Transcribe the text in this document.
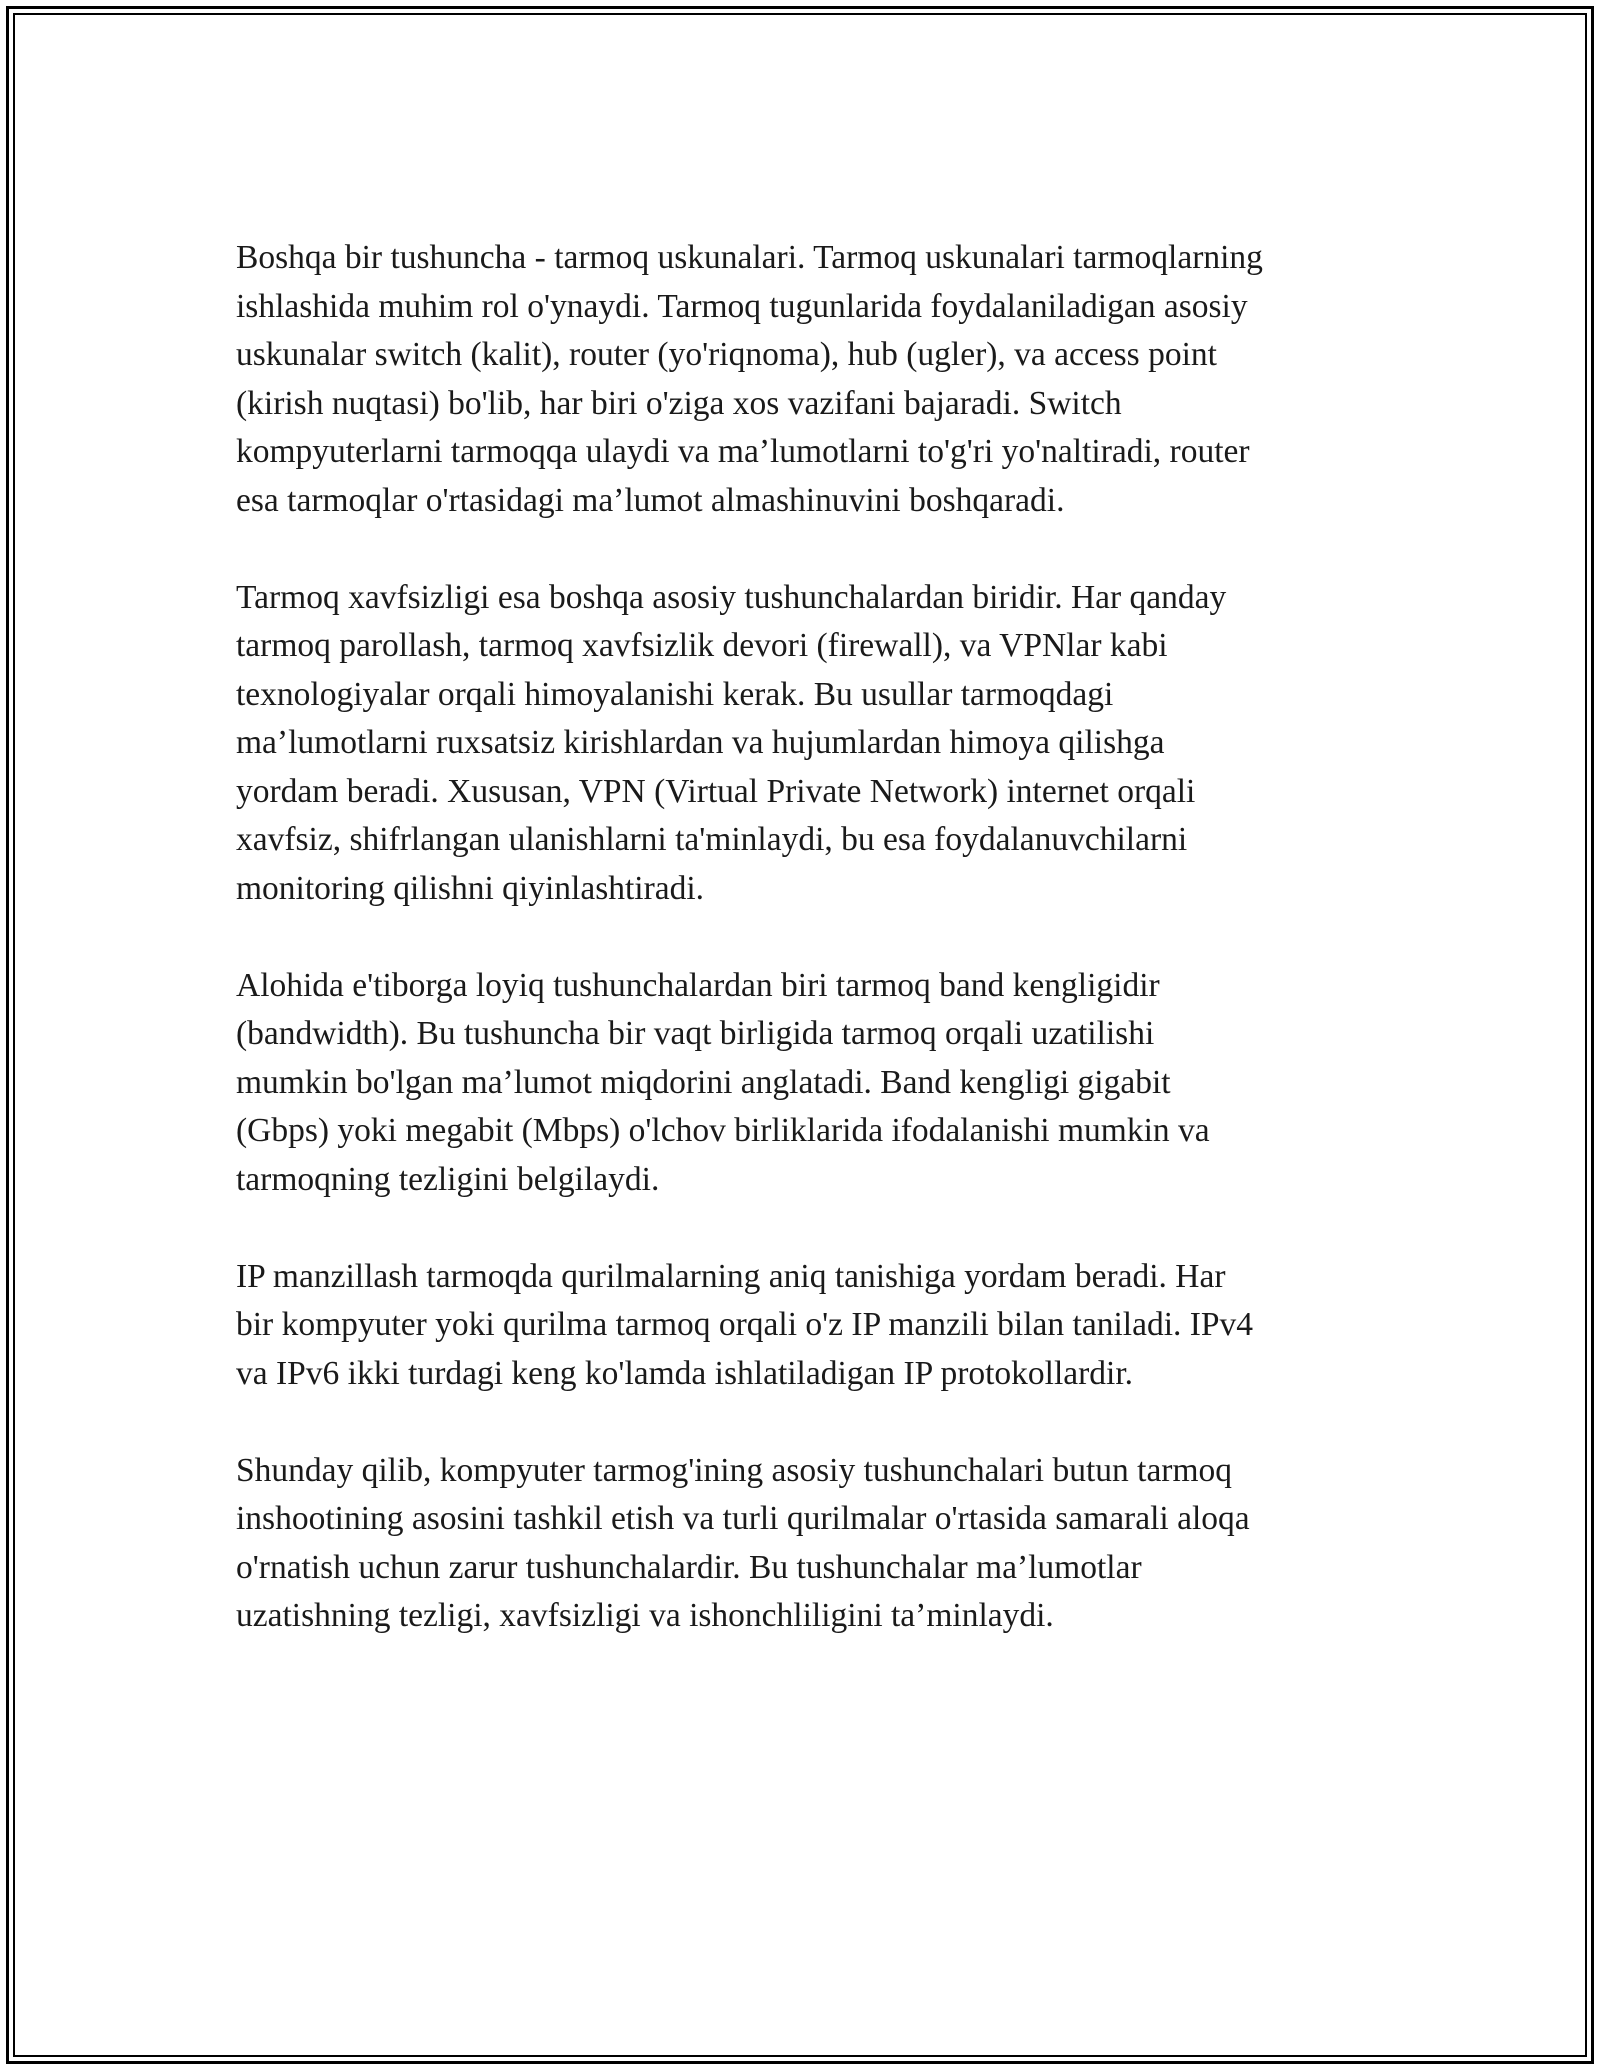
Boshqa bir tushuncha - tarmoq uskunalari. Tarmoq uskunalari tarmoqlarning
ishlashida muhim rol o'ynaydi. Tarmoq tugunlarida foydalaniladigan asosiy
uskunalar switch (kalit), router (yo'riqnoma), hub (ugler), va access point
(kirish nuqtasi) bo'lib, har biri o'ziga xos vazifani bajaradi. Switch
kompyuterlarni tarmoqqa ulaydi va ma’lumotlarni to'g'ri yo'naltiradi, router
esa tarmoqlar o'rtasidagi ma’lumot almashinuvini boshqaradi.
Tarmoq xavfsizligi esa boshqa asosiy tushunchalardan biridir. Har qanday
tarmoq parollash, tarmoq xavfsizlik devori (firewall), va VPNlar kabi
texnologiyalar orqali himoyalanishi kerak. Bu usullar tarmoqdagi
ma’lumotlarni ruxsatsiz kirishlardan va hujumlardan himoya qilishga
yordam beradi. Xususan, VPN (Virtual Private Network) internet orqali
xavfsiz, shifrlangan ulanishlarni ta'minlaydi, bu esa foydalanuvchilarni
monitoring qilishni qiyinlashtiradi.
Alohida e'tiborga loyiq tushunchalardan biri tarmoq band kengligidir
(bandwidth). Bu tushuncha bir vaqt birligida tarmoq orqali uzatilishi
mumkin bo'lgan ma’lumot miqdorini anglatadi. Band kengligi gigabit
(Gbps) yoki megabit (Mbps) o'lchov birliklarida ifodalanishi mumkin va
tarmoqning tezligini belgilaydi.
IP manzillash tarmoqda qurilmalarning aniq tanishiga yordam beradi. Har
bir kompyuter yoki qurilma tarmoq orqali o'z IP manzili bilan taniladi. IPv4
va IPv6 ikki turdagi keng ko'lamda ishlatiladigan IP protokollardir.
Shunday qilib, kompyuter tarmog'ining asosiy tushunchalari butun tarmoq
inshootining asosini tashkil etish va turli qurilmalar o'rtasida samarali aloqa
o'rnatish uchun zarur tushunchalardir. Bu tushunchalar ma’lumotlar
uzatishning tezligi, xavfsizligi va ishonchliligini ta’minlaydi.
